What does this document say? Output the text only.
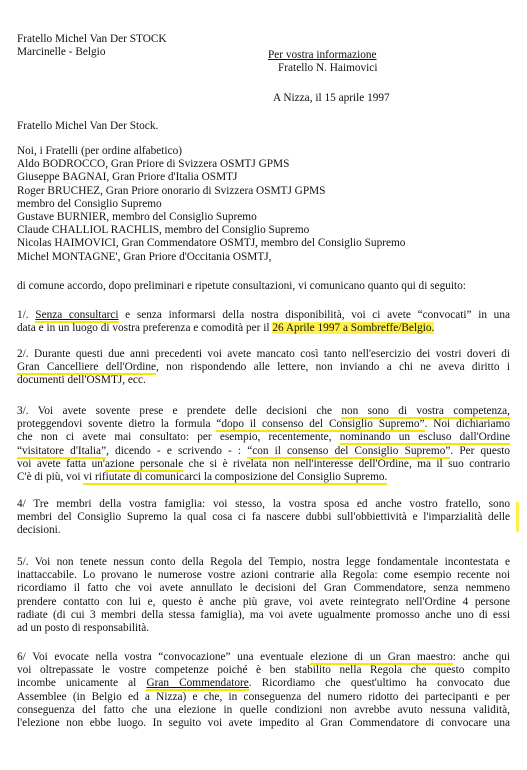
Fratello Michel Van Der STOCK
Marcinelle - Belgio	Per vostra informazione
Fratello N. Haimovici
A Nizza, il 15 aprile 1997
Fratello Michel Van Der Stock.
Noi, i Fratelli (per ordine alfabetico)
Aldo BODROCCO, Gran Priore di Svizzera OSMTJ GPMS
Giuseppe BAGNAI, Gran Priore d'Italia OSMTJ
Roger BRUCHEZ, Gran Priore onorario di Svizzera OSMTJ GPMS
membro del Consiglio Supremo
Gustave BURNIER, membro del Consiglio Supremo
Claude CHALLIOL RACHLIS, membro del Consiglio Supremo
Nicolas HAIMOVICI, Gran Commendatore OSMTJ, membro del Consiglio Supremo
Michel MONTAGNE', Gran Priore d'Occitania OSMTJ,
di comune accordo, dopo preliminari e ripetute consultazioni, vi comunicano quanto qui di seguito:
1/. Senza consultarci e senza informarsi della nostra disponibilità, voi ci avete “convocati” in una
data e in un luogo di vostra preferenza e comodità per il 26 Aprile 1997 a Sombreffe/Belgio.
2/. Durante questi due anni precedenti voi avete mancato così tanto nell'esercizio dei vostri doveri di
Gran Cancelliere dell'Ordine, non rispondendo alle lettere, non inviando a chi ne aveva diritto i
documenti dell'OSMTJ, ecc.
3/. Voi avete sovente prese e prendete delle decisioni che non sono di vostra competenza,
proteggendovi sovente dietro la formula “dopo il consenso del Consiglio Supremo”. Noi dichiariamo
che non ci avete mai consultato: per esempio, recentemente, nominando un escluso dall'Ordine
“visitatore d'Italia”, dicendo - e scrivendo - : “con il consenso del Consiglio Supremo”. Per questo
voi avete fatta un'azione personale che si è rivelata non nell'interesse dell'Ordine, ma il suo contrario
C'è di più, voi vi rifiutate di comunicarci la composizione del Consiglio Supremo.
4/ Tre membri della vostra famiglia: voi stesso, la vostra sposa ed anche vostro fratello, sono
membri del Consiglio Supremo la qual cosa ci fa nascere dubbi sull'obbiettività e l'imparzialità delle
decisioni.
5/. Voi non tenete nessun conto della Regola del Tempio, nostra legge fondamentale incontestata e
inattaccabile. Lo provano le numerose vostre azioni contrarie alla Regola: come esempio recente noi
ricordiamo il fatto che voi avete annullato le decisioni del Gran Commendatore, senza nemmeno
prendere contatto con lui e, questo è anche più grave, voi avete reintegrato nell'Ordine 4 persone
radiate (di cui 3 membri della stessa famiglia), ma voi avete ugualmente promosso anche uno di essi
ad un posto di responsabilità.
6/ Voi evocate nella vostra “convocazione” una eventuale elezione di un Gran maestro: anche qui
voi oltrepassate le vostre competenze poiché è ben stabilito nella Regola che questo compito
incombe unicamente al Gran Commendatore. Ricordiamo che quest'ultimo ha convocato due
Assemblee (in Belgio ed a Nizza) e che, in conseguenza del numero ridotto dei partecipanti e per
conseguenza del fatto che una elezione in quelle condizioni non avrebbe avuto nessuna validità,
l'elezione non ebbe luogo. In seguito voi avete impedito al Gran Commendatore di convocare una
